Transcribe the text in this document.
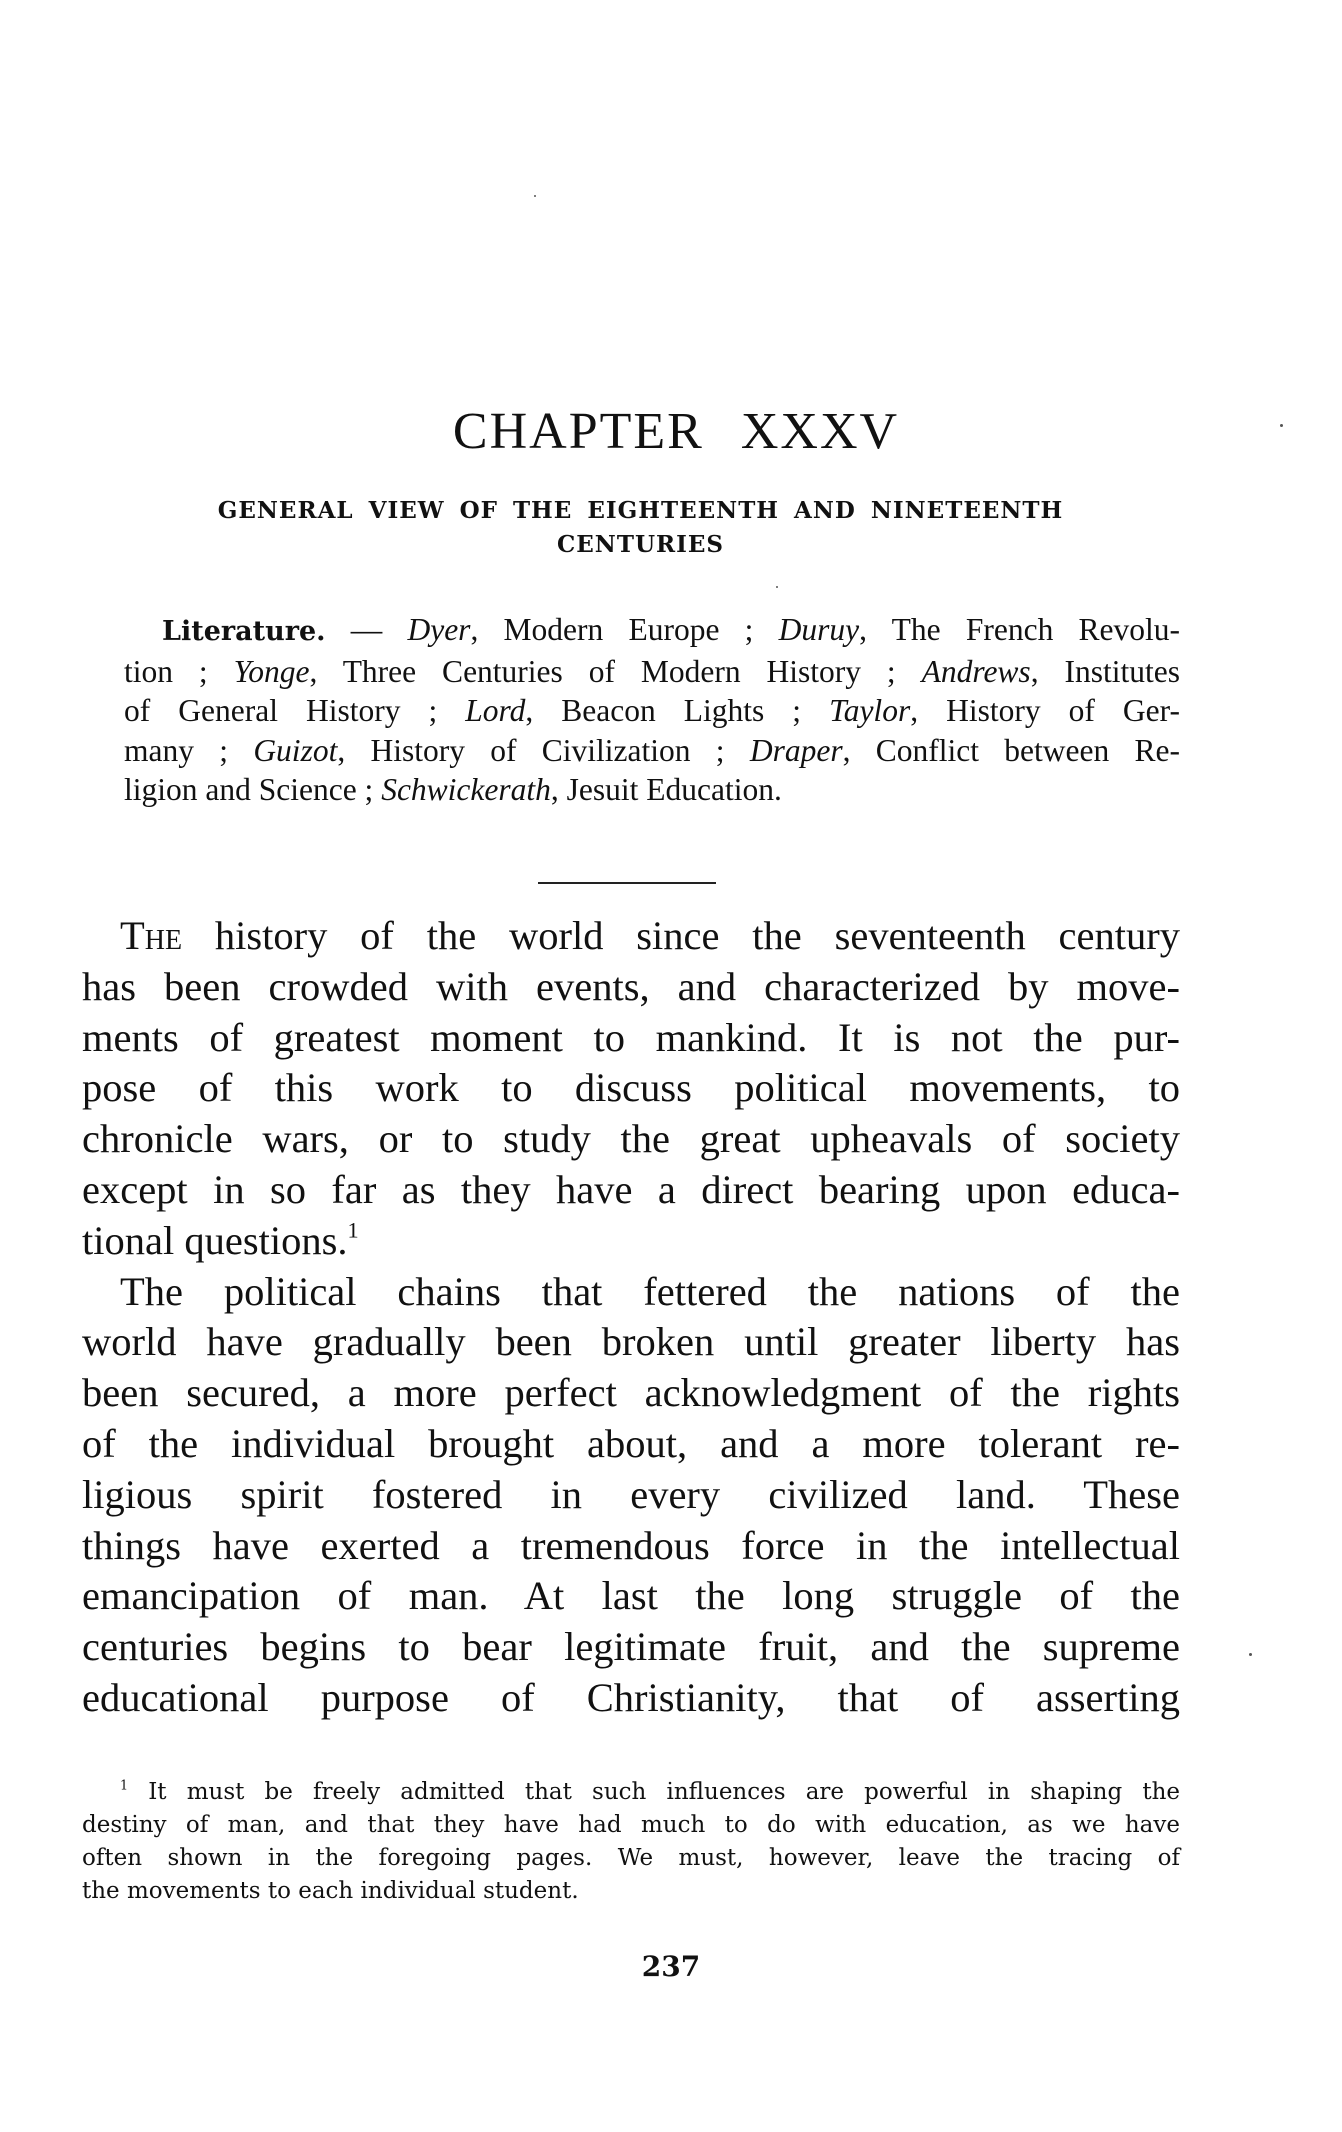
CHAPTER XXXV
GENERAL VIEW OF THE EIGHTEENTH AND NINETEENTH
CENTURIES
Literature. — Dyer, Modern Europe ; Duruy, The French Revolu-
tion ; Yonge, Three Centuries of Modern History ; Andrews, Institutes
of General History ; Lord, Beacon Lights ; Taylor, History of Ger-
many ; Guizot, History of Civilization ; Draper, Conflict between Re-
ligion and Science ; Schwickerath, Jesuit Education.
The history of the world since the seventeenth century
has been crowded with events, and characterized by move-
ments of greatest moment to mankind. It is not the pur-
pose of this work to discuss political movements, to
chronicle wars, or to study the great upheavals of society
except in so far as they have a direct bearing upon educa-
tional questions.$^1$
The political chains that fettered the nations of the
world have gradually been broken until greater liberty has
been secured, a more perfect acknowledgment of the rights
of the individual brought about, and a more tolerant re-
ligious spirit fostered in every civilized land. These
things have exerted a tremendous force in the intellectual
emancipation of man. At last the long struggle of the
centuries begins to bear legitimate fruit, and the supreme
educational purpose of Christianity, that of asserting
$^1$ It must be freely admitted that such influences are powerful in shaping the
destiny of man, and that they have had much to do with education, as we have
often shown in the foregoing pages. We must, however, leave the tracing of
the movements to each individual student.
237
